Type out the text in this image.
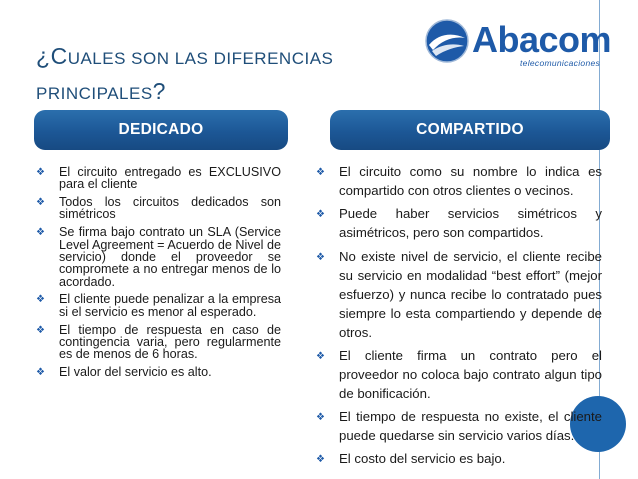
¿CUALES SON LAS DIFERENCIAS
PRINCIPALES?
Abacom
telecomunicaciones
DEDICADO	COMPARTIDO
❖ El circuito entregado es EXCLUSIVO para el cliente
❖ Todos los circuitos dedicados son simétricos
❖ Se firma bajo contrato un SLA (Service Level Agreement = Acuerdo de Nivel de servicio) donde el proveedor se compromete a no entregar menos de lo acordado.
❖ El cliente puede penalizar a la empresa si el servicio es menor al esperado.
❖ El tiempo de respuesta en caso de contingencia varia, pero regularmente es de menos de 6 horas.
❖ El valor del servicio es alto.
❖ El circuito como su nombre lo indica es compartido con otros clientes o vecinos.
❖ Puede haber servicios simétricos y asimétricos, pero son compartidos.
❖ No existe nivel de servicio, el cliente recibe su servicio en modalidad “best effort” (mejor esfuerzo) y nunca recibe lo contratado pues siempre lo esta compartiendo y depende de otros.
❖ El cliente firma un contrato pero el proveedor no coloca bajo contrato algun tipo de bonificación.
❖ El tiempo de respuesta no existe, el cliente puede quedarse sin servicio varios días.
❖ El costo del servicio es bajo.
